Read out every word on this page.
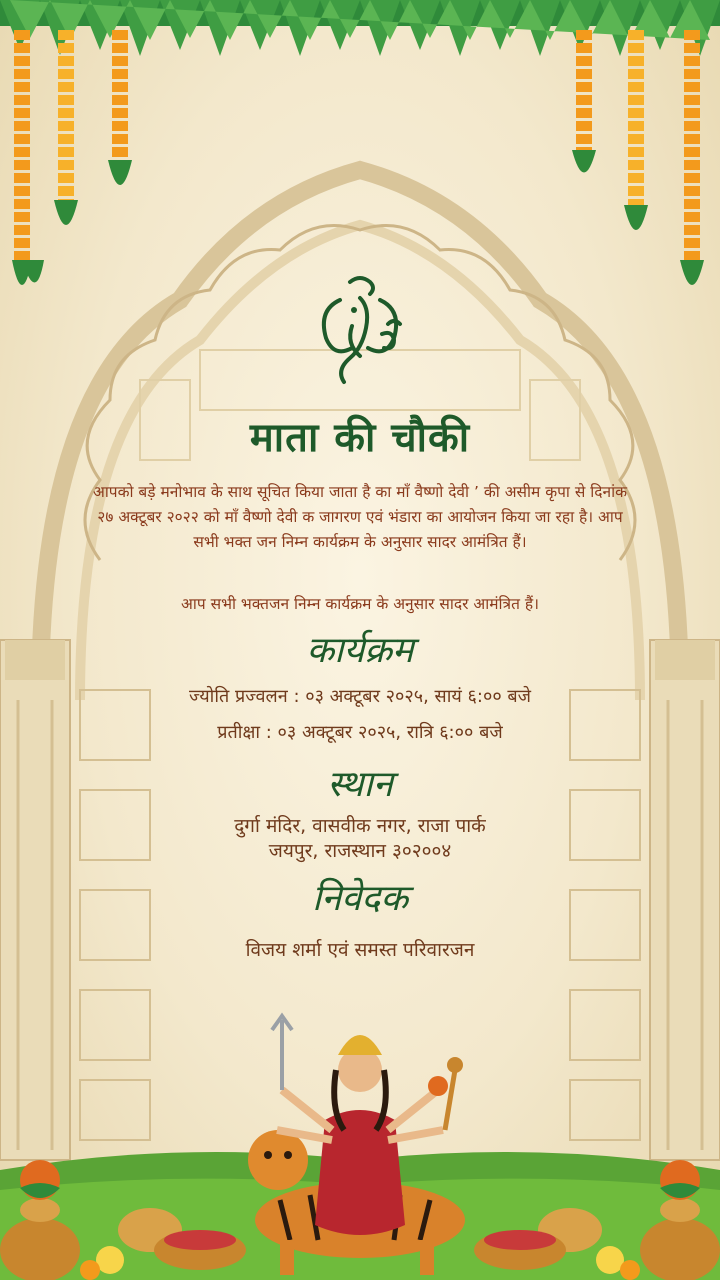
माता की चौकी
आपको बड़े मनोभाव के साथ सूचित किया जाता है का माँ वैष्णो देवी ’ की असीम कृपा से दिनांक २७ अक्टूबर २०२२ को माँ वैष्णो देवी क जागरण एवं भंडारा का आयोजन किया जा रहा है। आप सभी भक्त जन निम्न कार्यक्रम के अनुसार सादर आमंत्रित हैं।
आप सभी भक्तजन निम्न कार्यक्रम के अनुसार सादर आमंत्रित हैं।
कार्यक्रम
ज्योति प्रज्वलन : ०३ अक्टूबर २०२५, सायं ६:०० बजे
प्रतीक्षा : ०३ अक्टूबर २०२५, रात्रि ६:०० बजे
स्थान
दुर्गा मंदिर, वासवीक नगर, राजा पार्क
जयपुर, राजस्थान ३०२००४
निवेदक
विजय शर्मा एवं समस्त परिवारजन
